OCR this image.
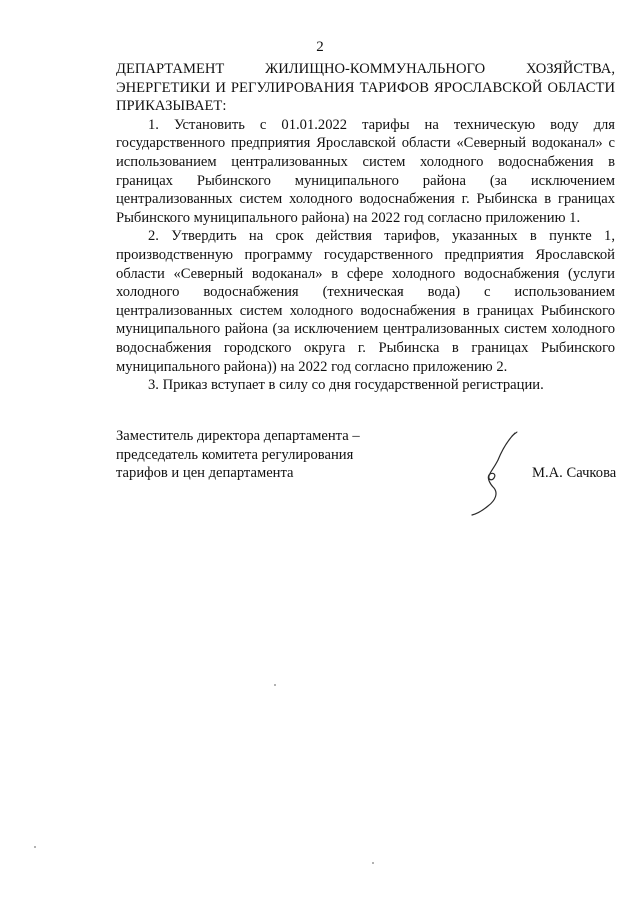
2

ДЕПАРТАМЕНТ ЖИЛИЩНО-КОММУНАЛЬНОГО ХОЗЯЙСТВА, ЭНЕРГЕТИКИ И РЕГУЛИРОВАНИЯ ТАРИФОВ ЯРОСЛАВСКОЙ ОБЛАСТИ ПРИКАЗЫВАЕТ:

1. Установить с 01.01.2022 тарифы на техническую воду для государственного предприятия Ярославской области «Северный водоканал» с использованием централизованных систем холодного водоснабжения в границах Рыбинского муниципального района (за исключением централизованных систем холодного водоснабжения г. Рыбинска в границах Рыбинского муниципального района) на 2022 год согласно приложению 1.

2. Утвердить на срок действия тарифов, указанных в пункте 1, производственную программу государственного предприятия Ярославской области «Северный водоканал» в сфере холодного водоснабжения (услуги холодного водоснабжения (техническая вода) с использованием централизованных систем холодного водоснабжения в границах Рыбинского муниципального района (за исключением централизованных систем холодного водоснабжения городского округа г. Рыбинска в границах Рыбинского муниципального района)) на 2022 год согласно приложению 2.

3. Приказ вступает в силу со дня государственной регистрации.

Заместитель директора департамента –
председатель комитета регулирования
тарифов и цен департамента	М.А. Сачкова
